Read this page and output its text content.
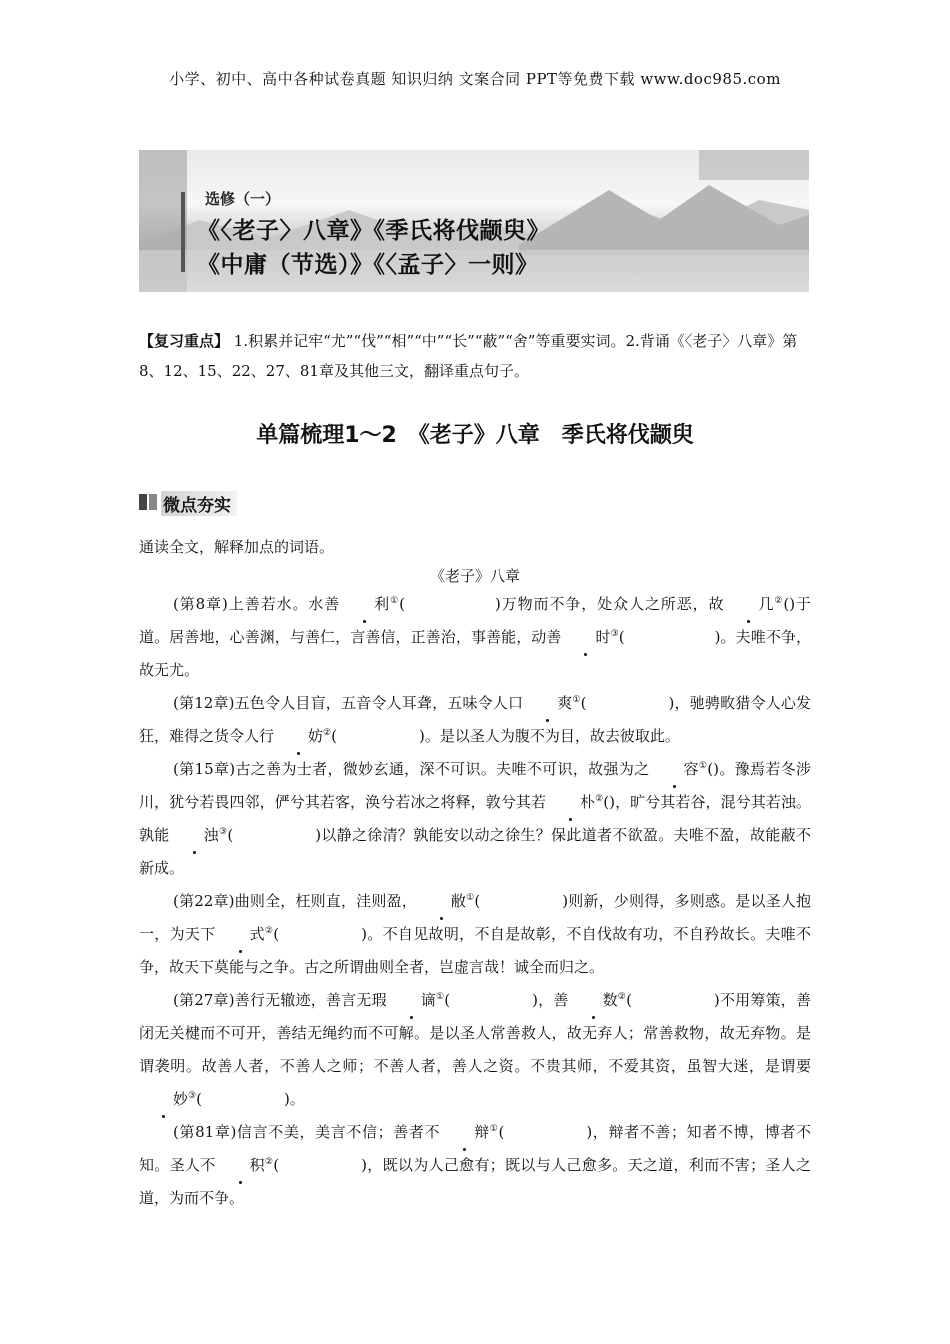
小学、初中、高中各种试卷真题 知识归纳 文案合同 PPT等免费下载 www.doc985.com
选修（一）
《〈老子〉八章》《季氏将伐颛臾》
《中庸（节选）》《〈孟子〉一则》
【复习重点】 1.积累并记牢“尤”“伐”“相”“中”“长”“蔽”“舍”等重要实词。2.背诵《〈老子〉八章》第8、12、15、22、27、81章及其他三文，翻译重点句子。
单篇梳理1～2　《老子》八章　季氏将伐颛臾
微点夯实
通读全文，解释加点的词语。
《老子》八章

(第8章)上善若水。水善 利①(	)万物而不争，处众人之所恶，故 几②()于道。居善地，心善渊，与善仁，言善信，正善治，事善能，动善 时③(	)。夫唯不争，故无尤。

(第12章)五色令人目盲，五音令人耳聋，五味令人口 爽①(	)，驰骋畋猎令人心发狂，难得之货令人行 妨②(	)。是以圣人为腹不为目，故去彼取此。

(第15章)古之善为士者，微妙玄通，深不可识。夫唯不可识，故强为之 容①()。豫焉若冬涉川，犹兮若畏四邻，俨兮其若客，涣兮若冰之将释，敦兮其若 朴②()，旷兮其若谷，混兮其若浊。孰能 浊③(	)以静之徐清？孰能安以动之徐生？保此道者不欲盈。夫唯不盈，故能蔽不新成。

(第22章)曲则全，枉则直，洼则盈， 敝①(	)则新，少则得，多则惑。是以圣人抱一，为天下 式②(	)。不自见故明，不自是故彰，不自伐故有功，不自矜故长。夫唯不争，故天下莫能与之争。古之所谓曲则全者，岂虚言哉！诚全而归之。

(第27章)善行无辙迹，善言无瑕 谪①(	)，善 数②(	)不用筹策，善闭无关楗而不可开，善结无绳约而不可解。是以圣人常善救人，故无弃人；常善救物，故无弃物。是谓袭明。故善人者，不善人之师；不善人者，善人之资。不贵其师，不爱其资，虽智大迷，是谓要妙③(	)。

(第81章)信言不美，美言不信；善者不 辩①(	)，辩者不善；知者不博，博者不知。圣人不 积②(	)，既以为人己愈有；既以与人己愈多。天之道，利而不害；圣人之道，为而不争。
